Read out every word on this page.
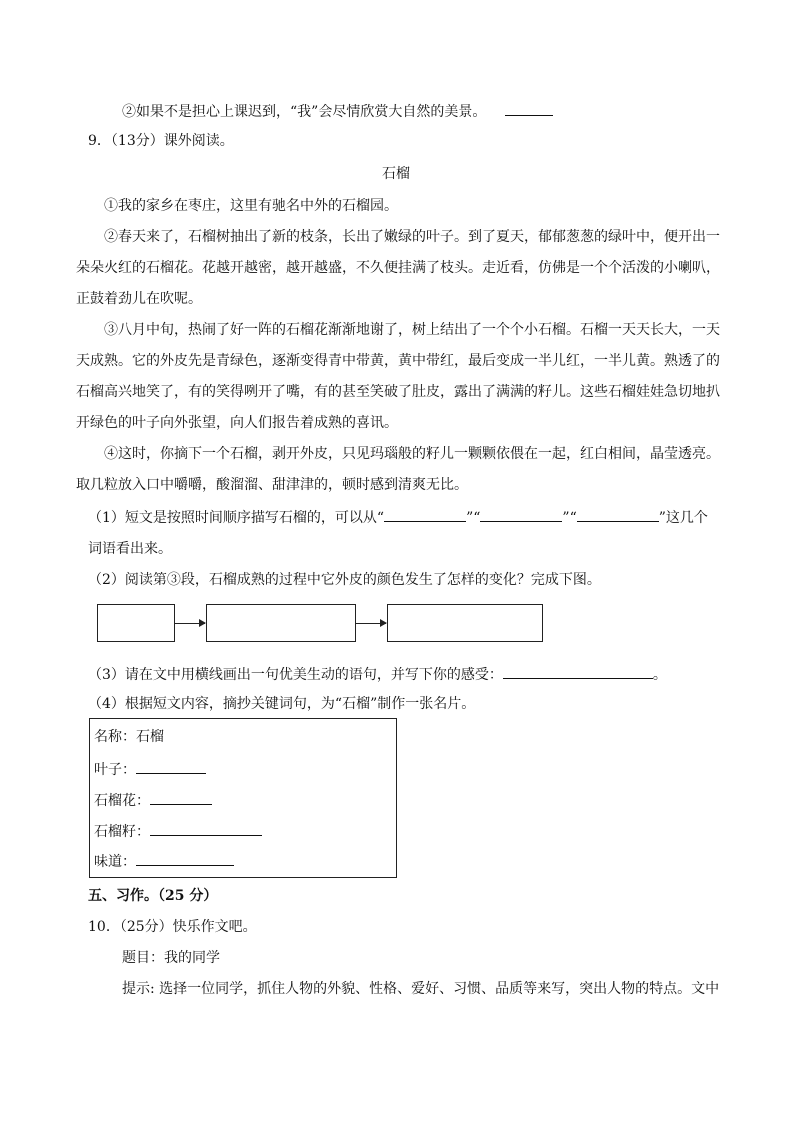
②如果不是担心上课迟到，“我”会尽情欣赏大自然的美景。
9．（13分）课外阅读。
石榴
①我的家乡在枣庄，这里有驰名中外的石榴园。
②春天来了，石榴树抽出了新的枝条，长出了嫩绿的叶子。到了夏天，郁郁葱葱的绿叶中，便开出一
朵朵火红的石榴花。花越开越密，越开越盛，不久便挂满了枝头。走近看，仿佛是一个个活泼的小喇叭，
正鼓着劲儿在吹呢。
③八月中旬，热闹了好一阵的石榴花渐渐地谢了，树上结出了一个个小石榴。石榴一天天长大，一天
天成熟。它的外皮先是青绿色，逐渐变得青中带黄，黄中带红，最后变成一半儿红，一半儿黄。熟透了的
石榴高兴地笑了，有的笑得咧开了嘴，有的甚至笑破了肚皮，露出了满满的籽儿。这些石榴娃娃急切地扒
开绿色的叶子向外张望，向人们报告着成熟的喜讯。
④这时，你摘下一个石榴，剥开外皮，只见玛瑙般的籽儿一颗颗依偎在一起，红白相间，晶莹透亮。
取几粒放入口中嚼嚼，酸溜溜、甜津津的，顿时感到清爽无比。
（1）短文是按照时间顺序描写石榴的，可以从“	”“	”“	”这几个
词语看出来。
（2）阅读第③段，石榴成熟的过程中它外皮的颜色发生了怎样的变化？完成下图。
（3）请在文中用横线画出一句优美生动的语句，并写下你的感受：	。
（4）根据短文内容，摘抄关键词句，为“石榴”制作一张名片。
名称：石榴
叶子：
石榴花：
石榴籽：
味道：
五、习作。（25 分）
10．（25分）快乐作文吧。
题目：我的同学
提示: 选择一位同学，抓住人物的外貌、性格、爱好、习惯、品质等来写，突出人物的特点。文中
